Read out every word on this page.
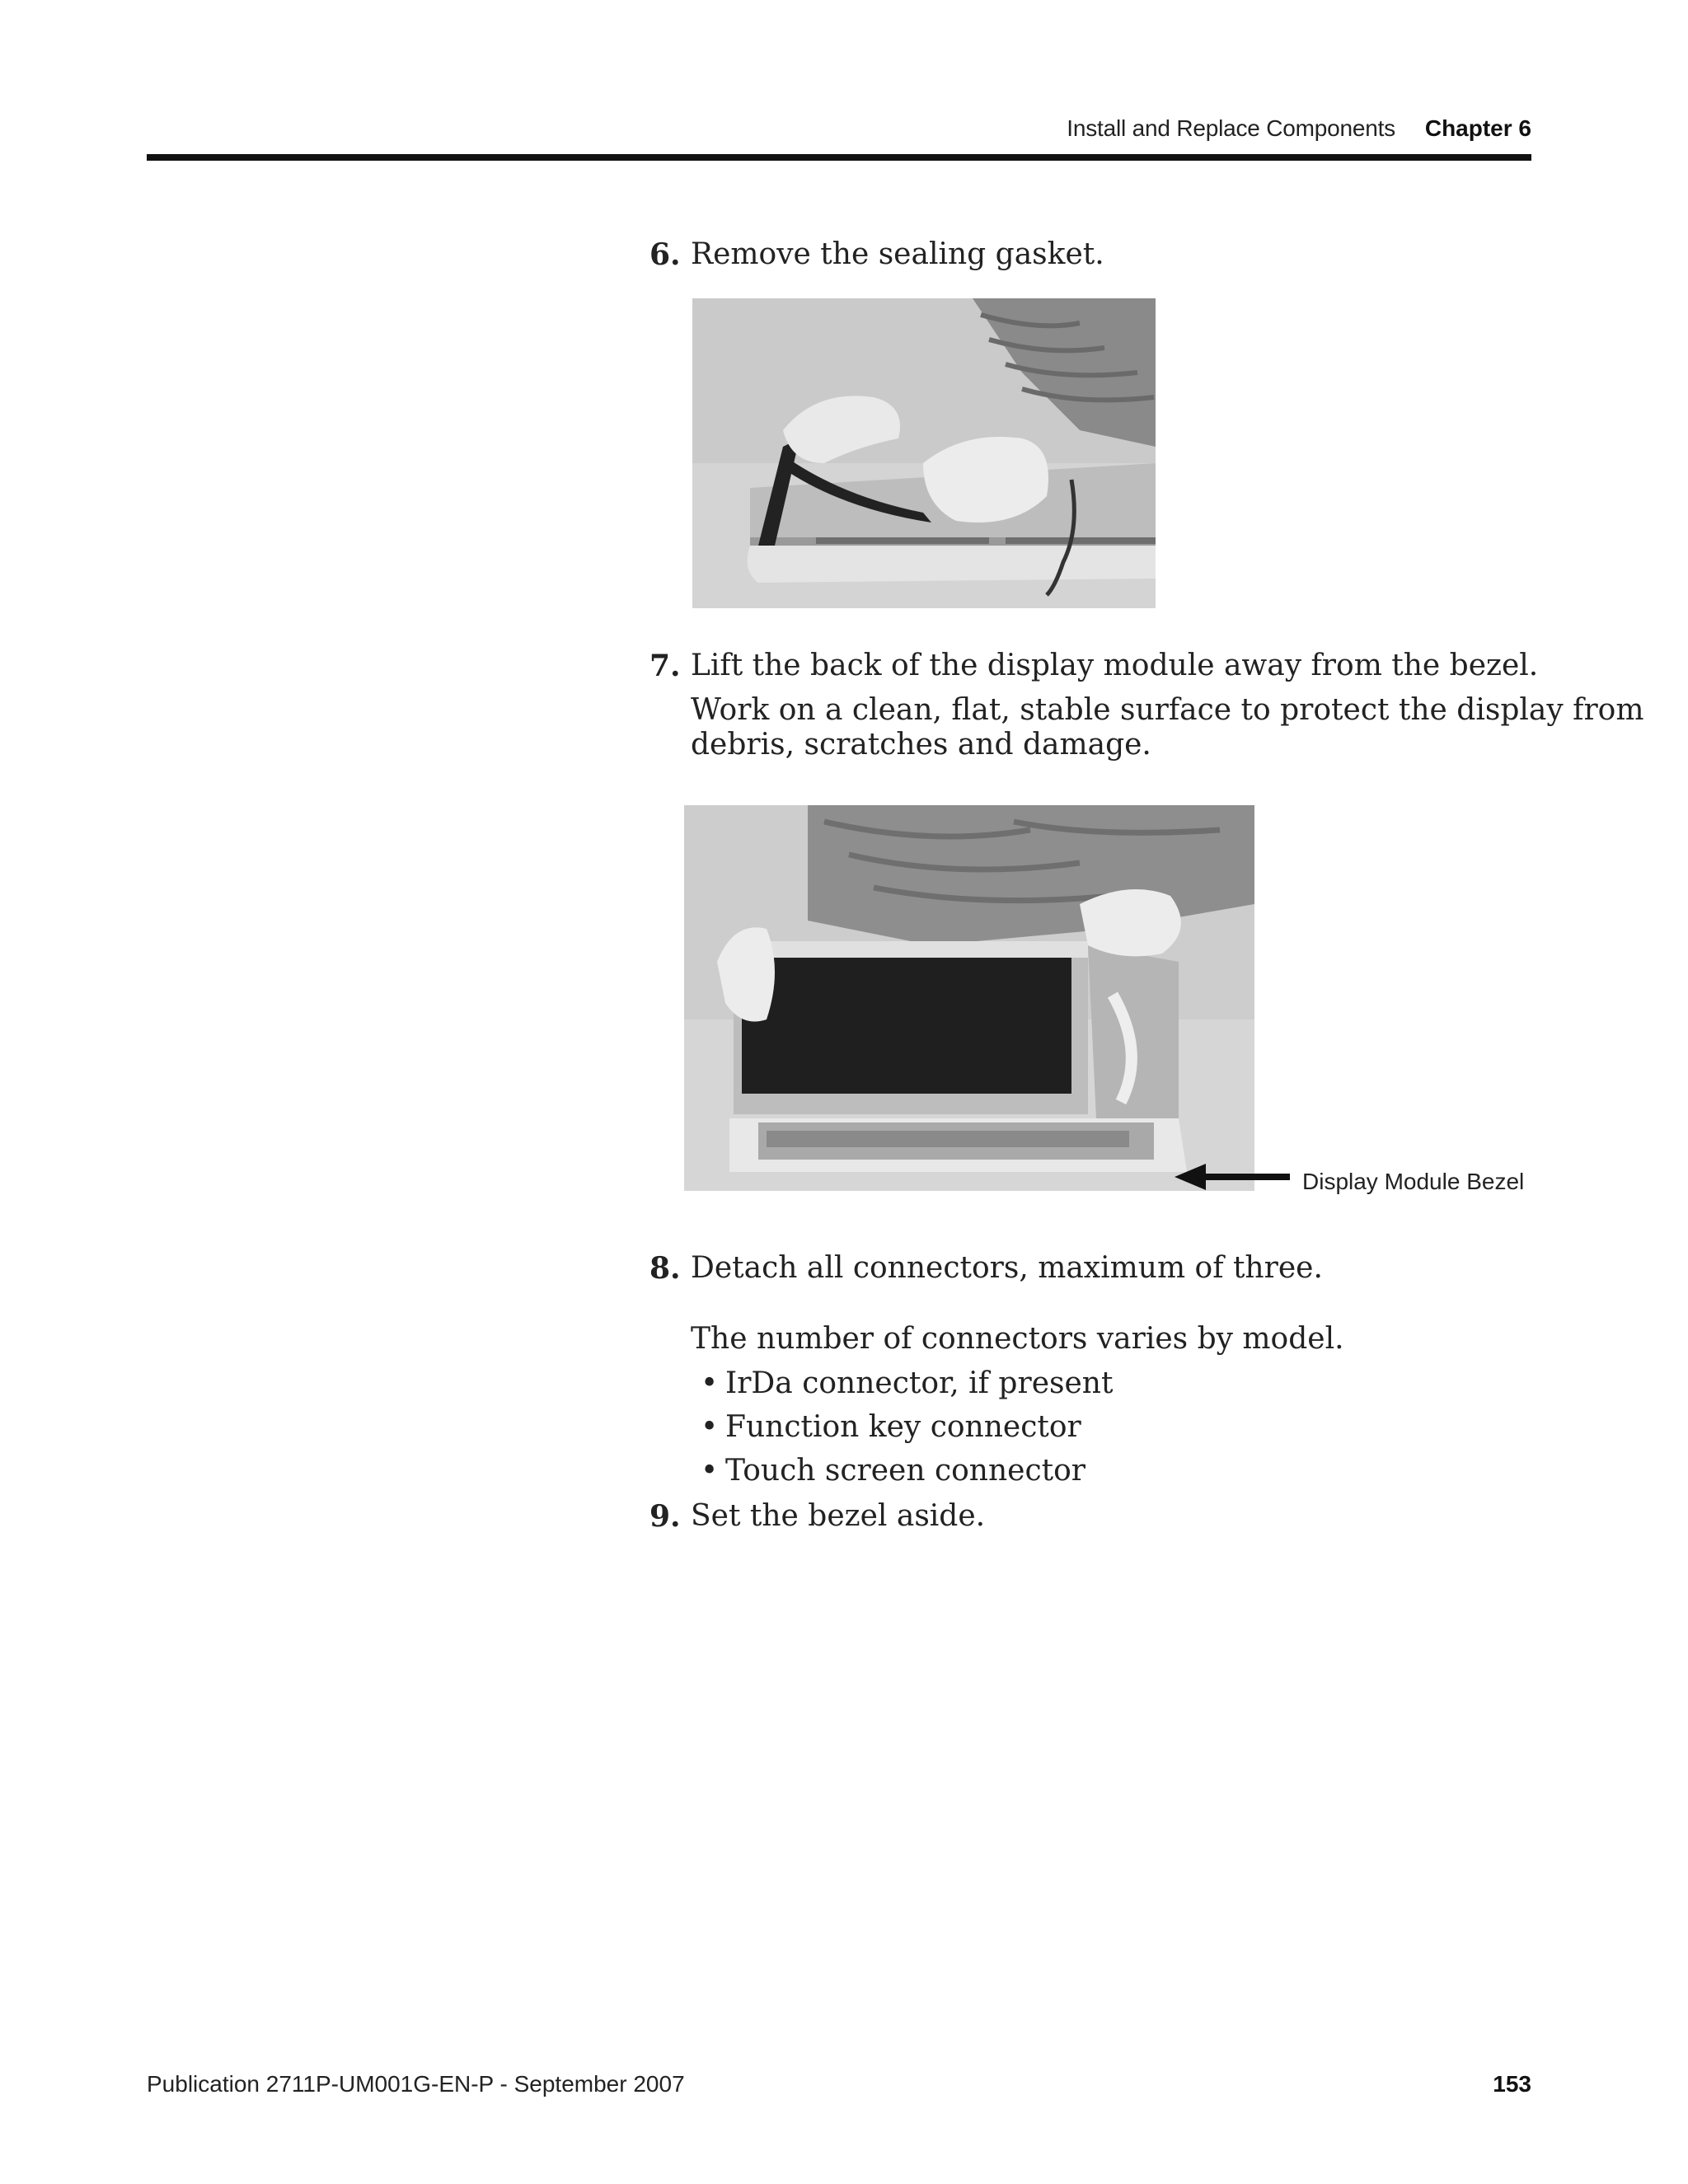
Install and Replace Components Chapter 6
6. Remove the sealing gasket.
7. Lift the back of the display module away from the bezel.
Work on a clean, flat, stable surface to protect the display from
debris, scratches and damage.
Display Module Bezel
8. Detach all connectors, maximum of three.
The number of connectors varies by model.
• IrDa connector, if present
• Function key connector
• Touch screen connector
9. Set the bezel aside.
Publication 2711P-UM001G-EN-P - September 2007	153
